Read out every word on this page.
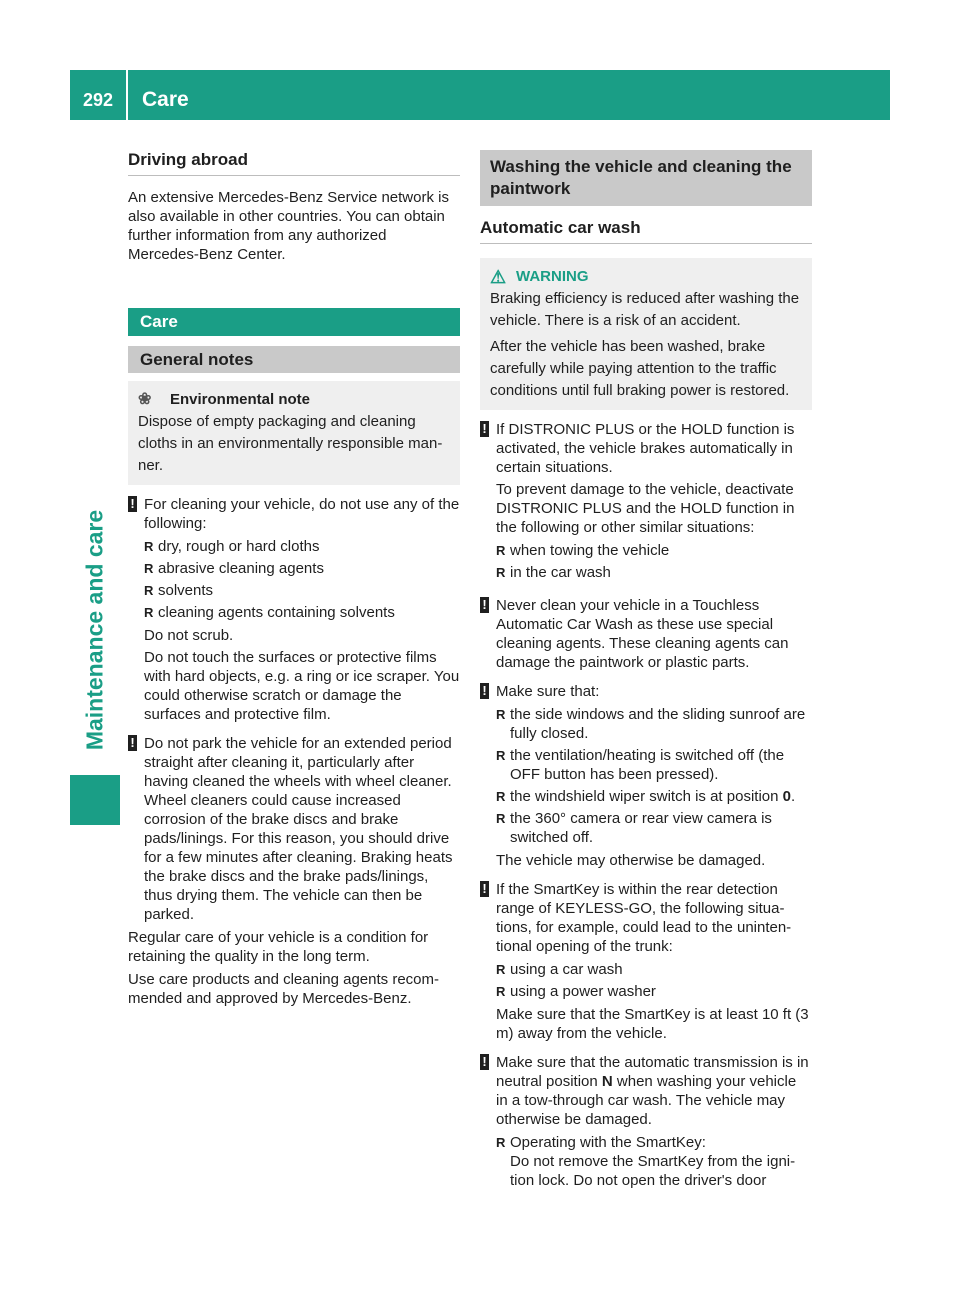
292	Care
Maintenance and care
Driving abroad

An extensive Mercedes-Benz Service network is also available in other countries. You can obtain further information from any authorized Mercedes-Benz Center.

Care
General notes
❀	Environmental note

Dispose of empty packaging and cleaning cloths in an environmentally responsible man-ner.

! For cleaning your vehicle, do not use any of the following:

R dry, rough or hard cloths
R abrasive cleaning agents
R solvents
R cleaning agents containing solvents

Do not scrub.

Do not touch the surfaces or protective films with hard objects, e.g. a ring or ice scraper. You could otherwise scratch or damage the surfaces and protective film.

! Do not park the vehicle for an extended period straight after cleaning it, particularly after having cleaned the wheels with wheel cleaner. Wheel cleaners could cause increased corrosion of the brake discs and brake pads/linings. For this reason, you should drive for a few minutes after cleaning. Braking heats the brake discs and the brake pads/linings, thus drying them. The vehicle can then be parked.

Regular care of your vehicle is a condition for retaining the quality in the long term.

Use care products and cleaning agents recom-mended and approved by Mercedes-Benz.

Washing the vehicle and cleaning the paintwork
Automatic car wash
⚠ WARNING

Braking efficiency is reduced after washing the vehicle. There is a risk of an accident.

After the vehicle has been washed, brake carefully while paying attention to the traffic conditions until full braking power is restored.

! If DISTRONIC PLUS or the HOLD function is activated, the vehicle brakes automatically in certain situations.

To prevent damage to the vehicle, deactivate DISTRONIC PLUS and the HOLD function in the following or other similar situations:

R when towing the vehicle
R in the car wash
! Never clean your vehicle in a Touchless Automatic Car Wash as these use special cleaning agents. These cleaning agents can damage the paintwork or plastic parts.

! Make sure that:

R the side windows and the sliding sunroof are fully closed.
R the ventilation/heating is switched off (the OFF button has been pressed).
R the windshield wiper switch is at position 0.
R the 360° camera or rear view camera is switched off.

The vehicle may otherwise be damaged.

! If the SmartKey is within the rear detection range of KEYLESS-GO, the following situa-tions, for example, could lead to the uninten-tional opening of the trunk:

R using a car wash
R using a power washer

Make sure that the SmartKey is at least 10 ft (3 m) away from the vehicle.

! Make sure that the automatic transmission is in neutral position N when washing your vehicle in a tow-through car wash. The vehicle may otherwise be damaged.

R Operating with the SmartKey:
Do not remove the SmartKey from the igni-tion lock. Do not open the driver's door
